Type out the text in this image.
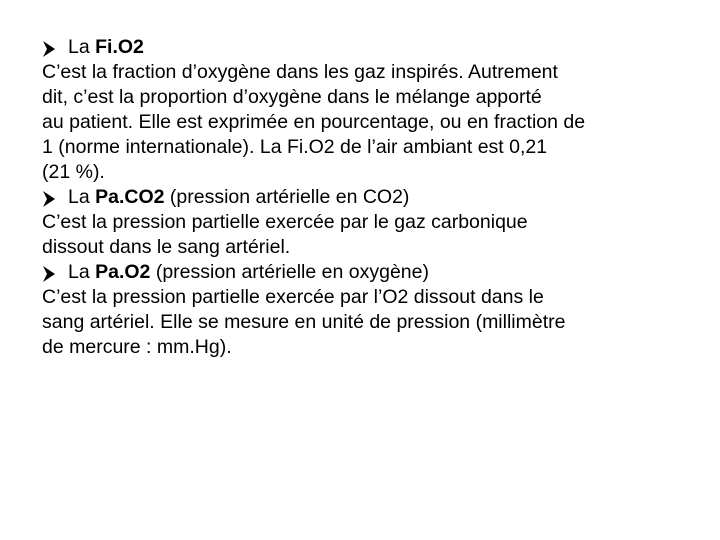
La Fi.O2
C’est la fraction d’oxygène dans les gaz inspirés. Autrement
dit, c’est la proportion d’oxygène dans le mélange apporté
au patient. Elle est exprimée en pourcentage, ou en fraction de
1 (norme internationale). La Fi.O2 de l’air ambiant est 0,21
(21 %).
La Pa.CO2 (pression artérielle en CO2)
C’est la pression partielle exercée par le gaz carbonique
dissout dans le sang artériel.
La Pa.O2 (pression artérielle en oxygène)
C’est la pression partielle exercée par l’O2 dissout dans le
sang artériel. Elle se mesure en unité de pression (millimètre
de mercure : mm.Hg).
